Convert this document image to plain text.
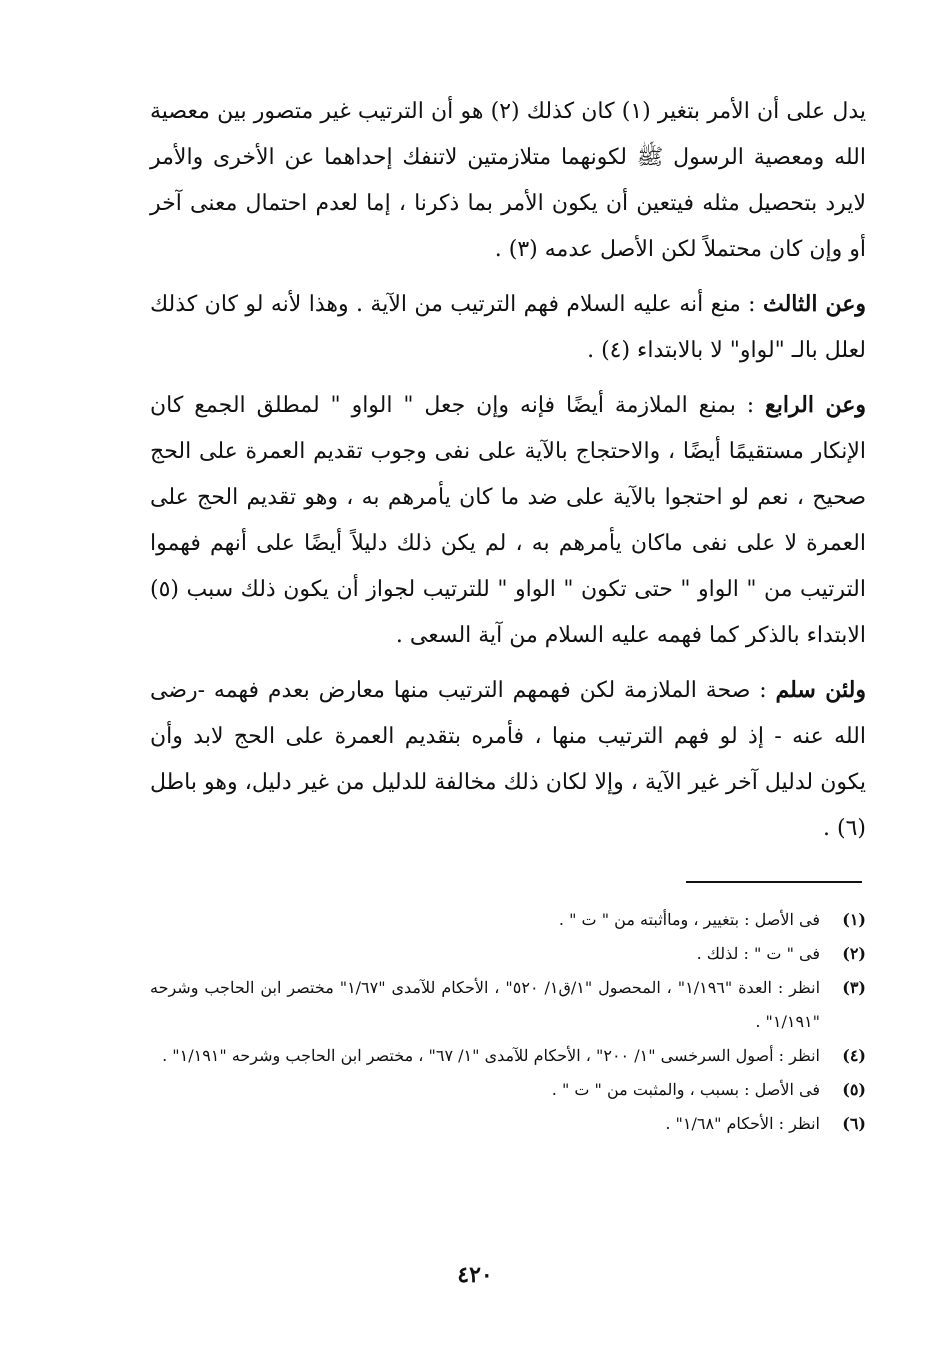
يدل على أن الأمر بتغير (١) كان كذلك (٢) هو أن الترتيب غير متصور بين معصية الله ومعصية الرسول ﷺ لكونهما متلازمتين لاتنفك إحداهما عن الأخرى والأمر لايرد بتحصيل مثله فيتعين أن يكون الأمر بما ذكرنا ، إما لعدم احتمال معنى آخر أو وإن كان محتملاً لكن الأصل عدمه (٣) .

وعن الثالث : منع أنه عليه السلام فهم الترتيب من الآية . وهذا لأنه لو كان كذلك لعلل بالـ "لواو" لا بالابتداء (٤) .

وعن الرابع : بمنع الملازمة أيضًا فإنه وإن جعل " الواو " لمطلق الجمع كان الإنكار مستقيمًا أيضًا ، والاحتجاج بالآية على نفى وجوب تقديم العمرة على الحج صحيح ، نعم لو احتجوا بالآية على ضد ما كان يأمرهم به ، وهو تقديم الحج على العمرة لا على نفى ماكان يأمرهم به ، لم يكن ذلك دليلاً أيضًا على أنهم فهموا الترتيب من " الواو " حتى تكون " الواو " للترتيب لجواز أن يكون ذلك سبب (٥) الابتداء بالذكر كما فهمه عليه السلام من آية السعى .

ولئن سلم : صحة الملازمة لكن فهمهم الترتيب منها معارض بعدم فهمه -رضى الله عنه - إذ لو فهم الترتيب منها ، فأمره بتقديم العمرة على الحج لابد وأن يكون لدليل آخر غير الآية ، وإلا لكان ذلك مخالفة للدليل من غير دليل، وهو باطل (٦) .

(١)
فى الأصل : بتغيير ، وماأثبته من " ت " .
(٢)
فى " ت " : لذلك .
(٣)
انظر : العدة "١/١٩٦" ، المحصول "١/ق١/ ٥٢٠" ، الأحكام للآمدى "١/٦٧" مختصر ابن الحاجب وشرحه "١/١٩١" .
(٤)
انظر : أصول السرخسى "١/ ٢٠٠" ، الأحكام للآمدى "١/ ٦٧" ، مختصر ابن الحاجب وشرحه "١/١٩١" .
(٥)
فى الأصل : بسبب ، والمثبت من " ت " .
(٦)
انظر : الأحكام "١/٦٨" .
٤٢٠
